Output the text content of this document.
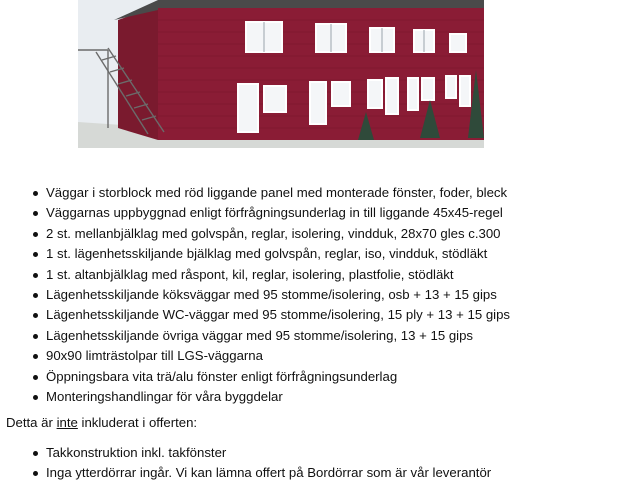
Väggar i storblock med röd liggande panel med monterade fönster, foder, bleck
Väggarnas uppbyggnad enligt förfrågningsunderlag in till liggande 45x45-regel
2 st. mellanbjälklag med golvspån, reglar, isolering, vindduk, 28x70 gles c.300
1 st. lägenhetsskiljande bjälklag med golvspån, reglar, iso, vindduk, stödläkt
1 st. altanbjälklag med råspont, kil, reglar, isolering, plastfolie, stödläkt
Lägenhetsskiljande köksväggar med 95 stomme/isolering, osb + 13 + 15 gips
Lägenhetsskiljande WC-väggar med 95 stomme/isolering, 15 ply + 13 + 15 gips
Lägenhetsskiljande övriga väggar med 95 stomme/isolering, 13 + 15 gips
90x90 limträstolpar till LGS-väggarna
Öppningsbara vita trä/alu fönster enligt förfrågningsunderlag
Monteringshandlingar för våra byggdelar
Detta är inte inkluderat i offerten:
Takkonstruktion inkl. takfönster
Inga ytterdörrar ingår. Vi kan lämna offert på Bordörrar som är vår leverantör
